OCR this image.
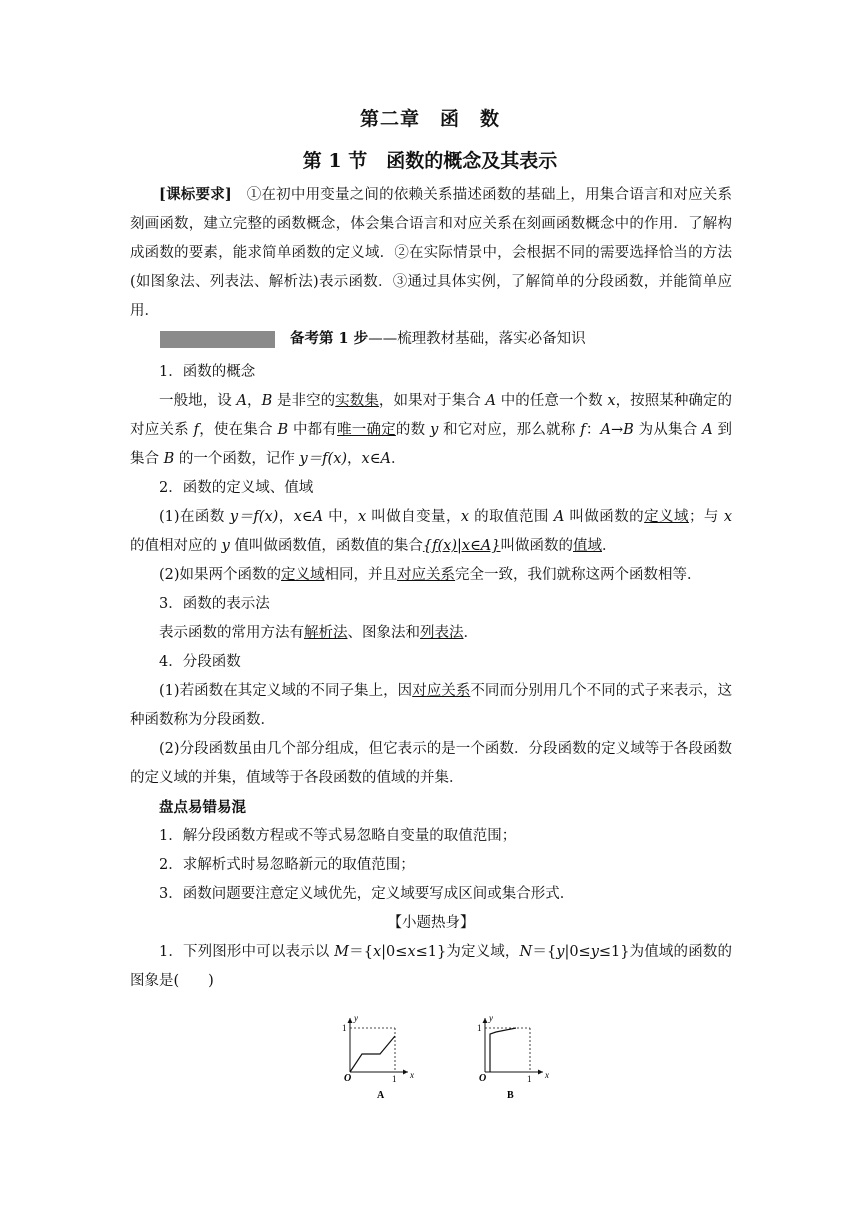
第二章　函　数
第 1 节　函数的概念及其表示

[课标要求]　 ①在初中用变量之间的依赖关系描述函数的基础上，用集合语言和对应关系刻画函数，建立完整的函数概念，体会集合语言和对应关系在刻画函数概念中的作用．了解构成函数的要素，能求简单函数的定义域．②在实际情景中，会根据不同的需要选择恰当的方法(如图象法、列表法、解析法)表示函数．③通过具体实例，了解简单的分段函数，并能简单应用．

备考第 1 步——梳理教材基础，落实必备知识

1．函数的概念

一般地，设 A，B 是非空的实数集，如果对于集合 A 中的任意一个数 x，按照某种确定的对应关系 f，使在集合 B 中都有唯一确定的数 y 和它对应，那么就称 f：A→B 为从集合 A 到集合 B 的一个函数，记作 y＝f(x)，x∈A．

2．函数的定义域、值域

(1)在函数 y＝f(x)，x∈A 中，x 叫做自变量，x 的取值范围 A 叫做函数的定义域；与 x 的值相对应的 y 值叫做函数值，函数值的集合{f(x)|x∈A}叫做函数的值域．

(2)如果两个函数的定义域相同，并且对应关系完全一致，我们就称这两个函数相等．

3．函数的表示法

表示函数的常用方法有解析法、图象法和列表法．

4．分段函数

(1)若函数在其定义域的不同子集上，因对应关系不同而分别用几个不同的式子来表示，这种函数称为分段函数．

(2)分段函数虽由几个部分组成，但它表示的是一个函数．分段函数的定义域等于各段函数的定义域的并集，值域等于各段函数的值域的并集．

盘点易错易混

1．解分段函数方程或不等式易忽略自变量的取值范围；

2．求解析式时易忽略新元的取值范围；

3．函数问题要注意定义域优先，定义域要写成区间或集合形式．

【小题热身】

1．下列图形中可以表示以 M＝{x|0≤x≤1}为定义域，N＝{y|0≤y≤1}为值域的函数的图象是(　　)

O	1
1
x
y
A
O	1
1
x
y
B
